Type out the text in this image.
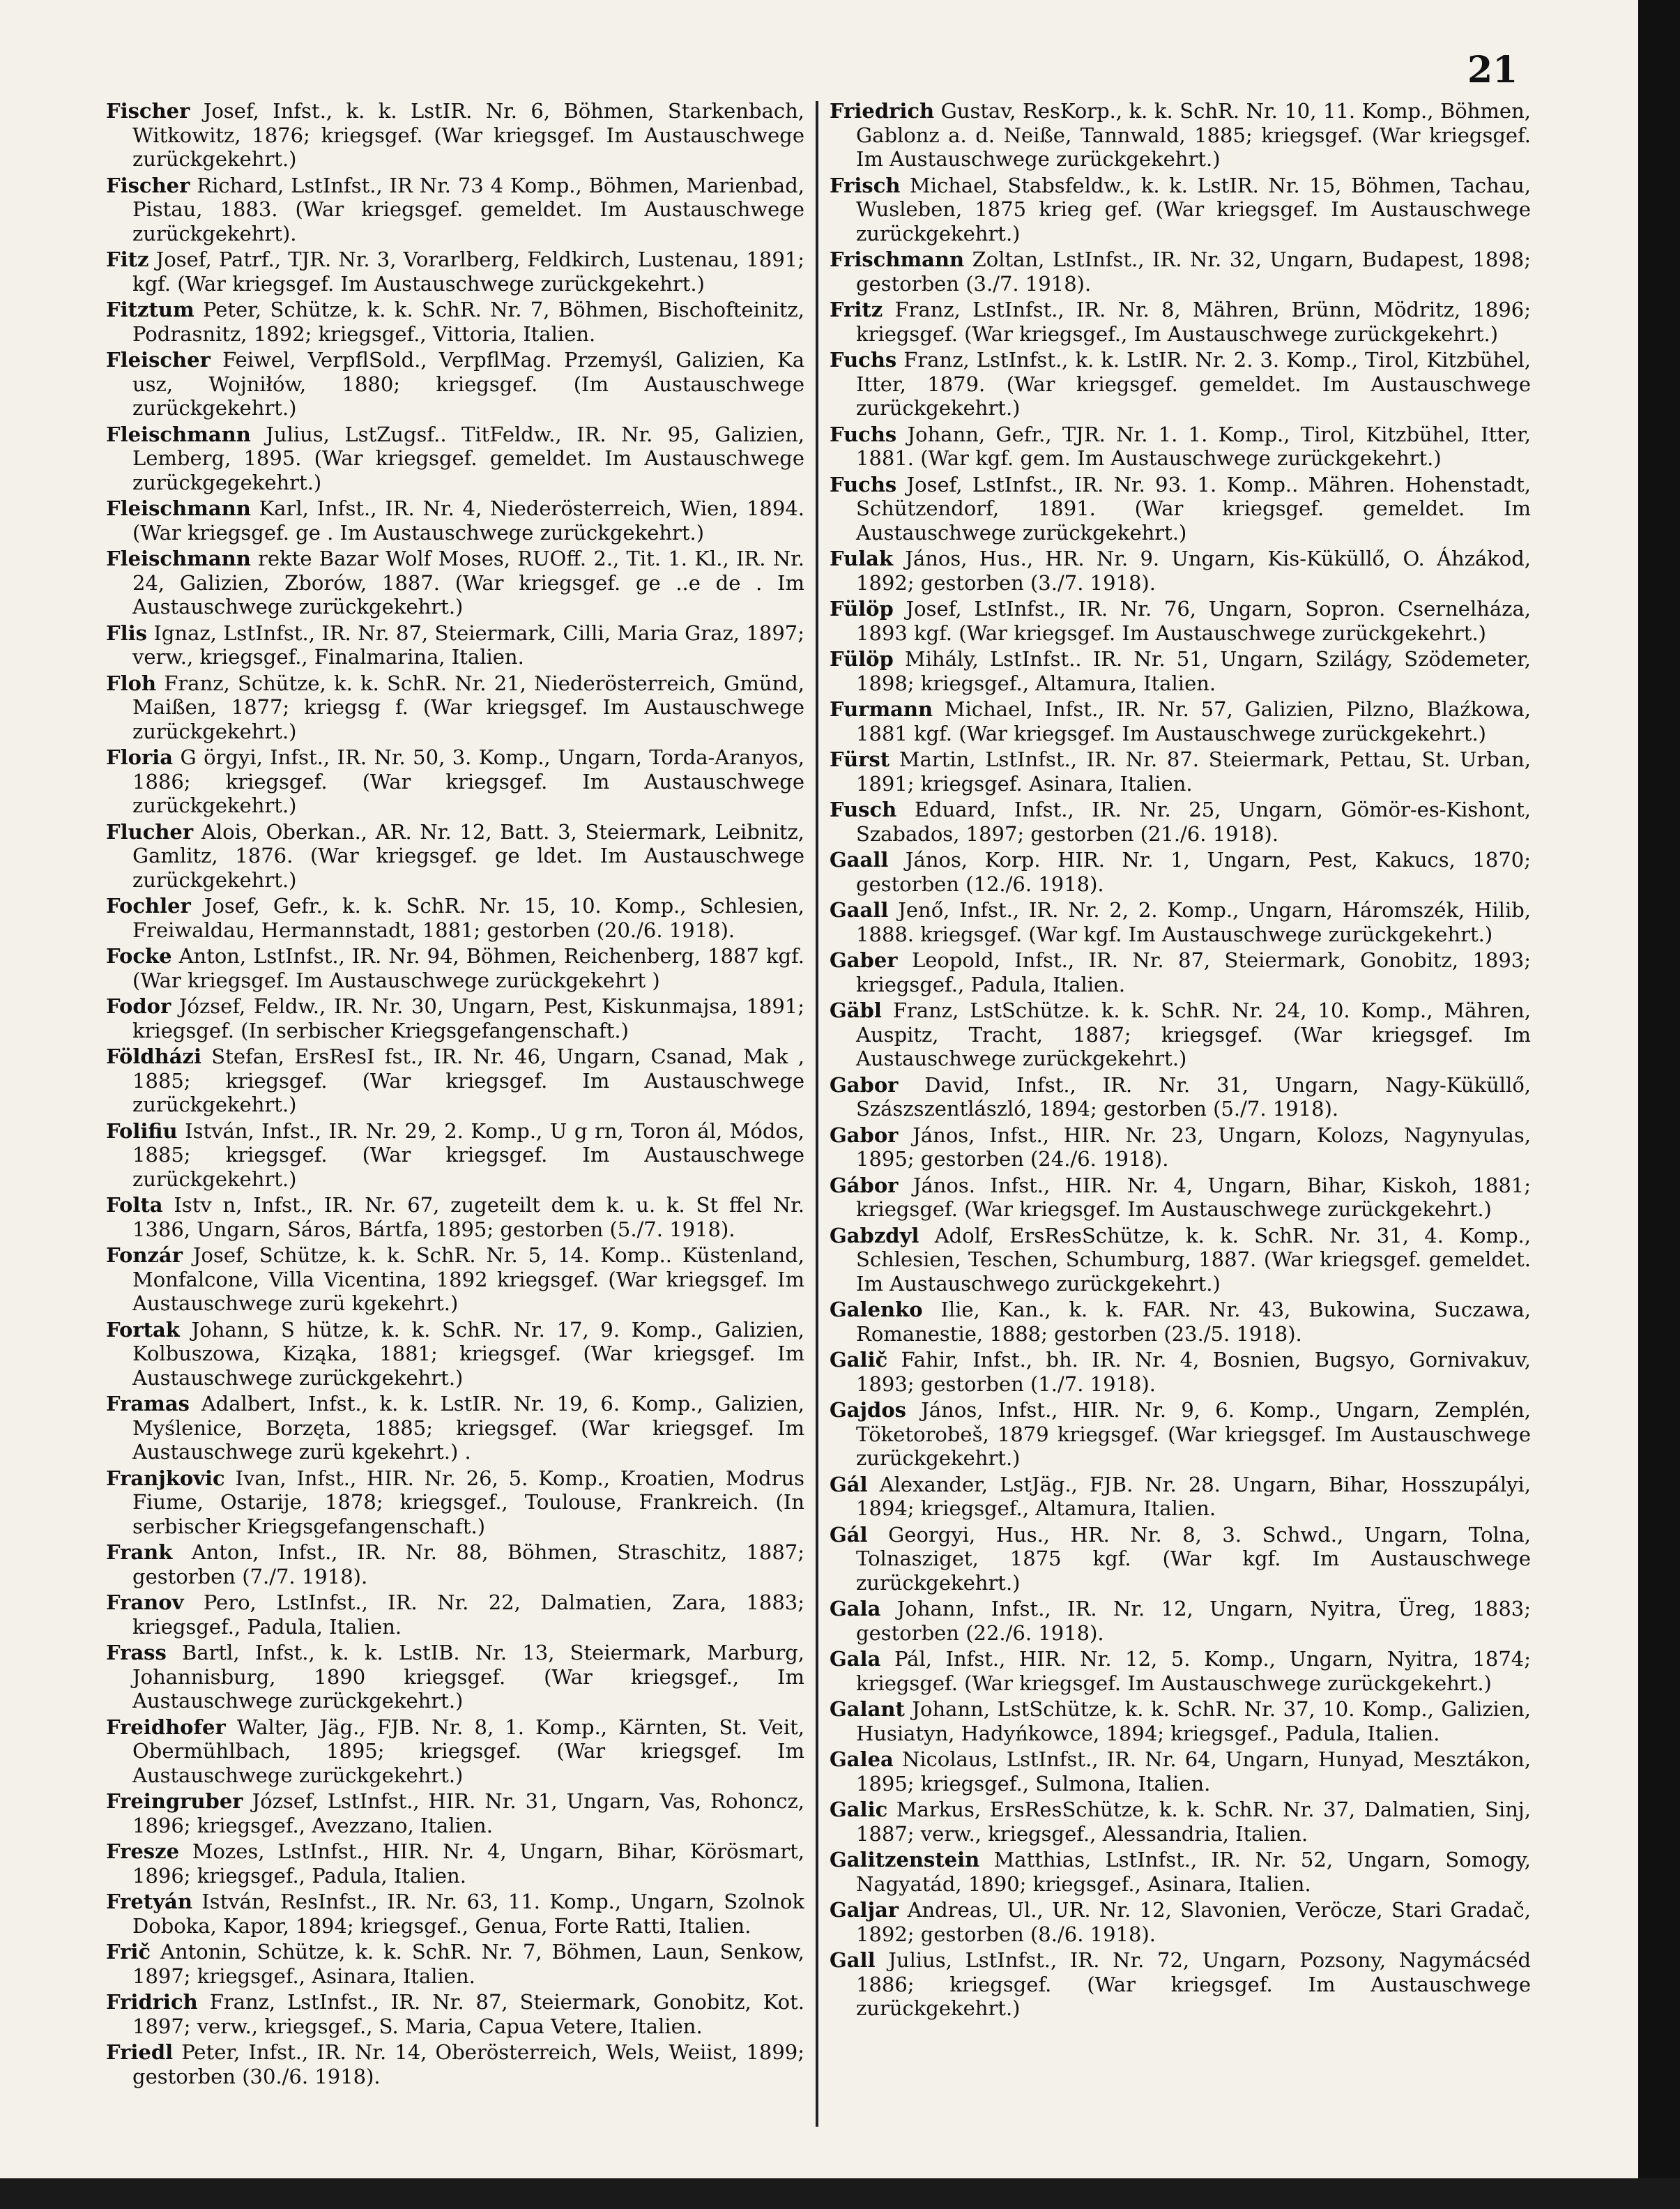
21

Fischer Josef, Infst., k. k. LstIR. Nr. 6, Böhmen, Starkenbach, Witkowitz, 1876; kriegsgef. (War kriegsgef. Im Austauschwege zurückgekehrt.)

Fischer Richard, LstInfst., IR Nr. 73 4 Komp., Böhmen, Marienbad, Pistau, 1883. (War kriegsgef. gemeldet. Im Austauschwege zurückgekehrt).

Fitz Josef, Patrf., TJR. Nr. 3, Vorarlberg, Feldkirch, Lustenau, 1891; kgf. (War kriegsgef. Im Austauschwege zurückgekehrt.)

Fitztum Peter, Schütze, k. k. SchR. Nr. 7, Böhmen, Bischofteinitz, Podrasnitz, 1892; kriegsgef., Vittoria, Italien.

Fleischer Feiwel, VerpflSold., VerpflMag. Przemyśl, Galizien, Ka usz, Wojniłów, 1880; kriegsgef. (Im Austauschwege zurückgekehrt.)

Fleischmann Julius, LstZugsf.. TitFeldw., IR. Nr. 95, Galizien, Lemberg, 1895. (War kriegsgef. gemeldet. Im Austauschwege zurückgegekehrt.)

Fleischmann Karl, Infst., IR. Nr. 4, Niederösterreich, Wien, 1894. (War kriegsgef. ge . Im Austauschwege zurückgekehrt.)

Fleischmann rekte Bazar Wolf Moses, RUOff. 2., Tit. 1. Kl., IR. Nr. 24, Galizien, Zborów, 1887. (War kriegsgef. ge ..e de . Im Austauschwege zurückgekehrt.)

Flis Ignaz, LstInfst., IR. Nr. 87, Steiermark, Cilli, Maria Graz, 1897; verw., kriegsgef., Finalmarina, Italien.

Floh Franz, Schütze, k. k. SchR. Nr. 21, Niederösterreich, Gmünd, Maißen, 1877; kriegsg f. (War kriegsgef. Im Austauschwege zurückgekehrt.)

Floria G örgyi, Infst., IR. Nr. 50, 3. Komp., Ungarn, Torda-Aranyos, 1886; kriegsgef. (War kriegsgef. Im Austauschwege zurückgekehrt.)

Flucher Alois, Oberkan., AR. Nr. 12, Batt. 3, Steiermark, Leibnitz, Gamlitz, 1876. (War kriegsgef. ge ldet. Im Austauschwege zurückgekehrt.)

Fochler Josef, Gefr., k. k. SchR. Nr. 15, 10. Komp., Schlesien, Freiwaldau, Hermannstadt, 1881; gestorben (20./6. 1918).

Focke Anton, LstInfst., IR. Nr. 94, Böhmen, Reichenberg, 1887 kgf. (War kriegsgef. Im Austauschwege zurückgekehrt )

Fodor József, Feldw., IR. Nr. 30, Ungarn, Pest, Kiskunmajsa, 1891; kriegsgef. (In serbischer Kriegsgefangenschaft.)

Földházi Stefan, ErsResI fst., IR. Nr. 46, Ungarn, Csanad, Mak , 1885; kriegsgef. (War kriegsgef. Im Austauschwege zurückgekehrt.)

Folifiu István, Infst., IR. Nr. 29, 2. Komp., U g rn, Toron ál, Módos, 1885; kriegsgef. (War kriegsgef. Im Austauschwege zurückgekehrt.)

Folta Istv n, Infst., IR. Nr. 67, zugeteilt dem k. u. k. St ffel Nr. 1386, Ungarn, Sáros, Bártfa, 1895; gestorben (5./7. 1918).

Fonzár Josef, Schütze, k. k. SchR. Nr. 5, 14. Komp.. Küstenland, Monfalcone, Villa Vicentina, 1892 kriegsgef. (War kriegsgef. Im Austauschwege zurü kgekehrt.)

Fortak Johann, S hütze, k. k. SchR. Nr. 17, 9. Komp., Galizien, Kolbuszowa, Kiząka, 1881; kriegsgef. (War kriegsgef. Im Austauschwege zurückgekehrt.)

Framas Adalbert, Infst., k. k. LstIR. Nr. 19, 6. Komp., Galizien, Myślenice, Borzęta, 1885; kriegsgef. (War kriegsgef. Im Austauschwege zurü kgekehrt.) .

Franjkovic Ivan, Infst., HIR. Nr. 26, 5. Komp., Kroatien, Modrus Fiume, Ostarije, 1878; kriegsgef., Toulouse, Frankreich. (In serbischer Kriegsgefangenschaft.)

Frank Anton, Infst., IR. Nr. 88, Böhmen, Straschitz, 1887; gestorben (7./7. 1918).

Franov Pero, LstInfst., IR. Nr. 22, Dalmatien, Zara, 1883; kriegsgef., Padula, Italien.

Frass Bartl, Infst., k. k. LstIB. Nr. 13, Steiermark, Marburg, Johannisburg, 1890 kriegsgef. (War kriegsgef., Im Austauschwege zurückgekehrt.)

Freidhofer Walter, Jäg., FJB. Nr. 8, 1. Komp., Kärnten, St. Veit, Obermühlbach, 1895; kriegsgef. (War kriegsgef. Im Austauschwege zurückgekehrt.)

Freingruber József, LstInfst., HIR. Nr. 31, Ungarn, Vas, Rohoncz, 1896; kriegsgef., Avezzano, Italien.

Fresze Mozes, LstInfst., HIR. Nr. 4, Ungarn, Bihar, Körösmart, 1896; kriegsgef., Padula, Italien.

Fretyán István, ResInfst., IR. Nr. 63, 11. Komp., Ungarn, Szolnok Doboka, Kapor, 1894; kriegsgef., Genua, Forte Ratti, Italien.

Frič Antonin, Schütze, k. k. SchR. Nr. 7, Böhmen, Laun, Senkow, 1897; kriegsgef., Asinara, Italien.

Fridrich Franz, LstInfst., IR. Nr. 87, Steiermark, Gonobitz, Kot. 1897; verw., kriegsgef., S. Maria, Capua Vetere, Italien.

Friedl Peter, Infst., IR. Nr. 14, Oberösterreich, Wels, Weiist, 1899; gestorben (30./6. 1918).

Friedrich Gustav, ResKorp., k. k. SchR. Nr. 10, 11. Komp., Böhmen, Gablonz a. d. Neiße, Tannwald, 1885; kriegsgef. (War kriegsgef. Im Austauschwege zurückgekehrt.)

Frisch Michael, Stabsfeldw., k. k. LstIR. Nr. 15, Böhmen, Tachau, Wusleben, 1875 krieg gef. (War kriegsgef. Im Austauschwege zurückgekehrt.)

Frischmann Zoltan, LstInfst., IR. Nr. 32, Ungarn, Budapest, 1898; gestorben (3./7. 1918).

Fritz Franz, LstInfst., IR. Nr. 8, Mähren, Brünn, Mödritz, 1896; kriegsgef. (War kriegsgef., Im Austauschwege zurückgekehrt.)

Fuchs Franz, LstInfst., k. k. LstIR. Nr. 2. 3. Komp., Tirol, Kitzbühel, Itter, 1879. (War kriegsgef. gemeldet. Im Austauschwege zurückgekehrt.)

Fuchs Johann, Gefr., TJR. Nr. 1. 1. Komp., Tirol, Kitzbühel, Itter, 1881. (War kgf. gem. Im Austauschwege zurückgekehrt.)

Fuchs Josef, LstInfst., IR. Nr. 93. 1. Komp.. Mähren. Hohenstadt, Schützendorf, 1891. (War kriegsgef. gemeldet. Im Austauschwege zurückgekehrt.)

Fulak János, Hus., HR. Nr. 9. Ungarn, Kis-Küküllő, O. Áhzákod, 1892; gestorben (3./7. 1918).

Fülöp Josef, LstInfst., IR. Nr. 76, Ungarn, Sopron. Csernelháza, 1893 kgf. (War kriegsgef. Im Austauschwege zurückgekehrt.)

Fülöp Mihály, LstInfst.. IR. Nr. 51, Ungarn, Szilágy, Szödemeter, 1898; kriegsgef., Altamura, Italien.

Furmann Michael, Infst., IR. Nr. 57, Galizien, Pilzno, Blaźkowa, 1881 kgf. (War kriegsgef. Im Austauschwege zurückgekehrt.)

Fürst Martin, LstInfst., IR. Nr. 87. Steiermark, Pettau, St. Urban, 1891; kriegsgef. Asinara, Italien.

Fusch Eduard, Infst., IR. Nr. 25, Ungarn, Gömör-es-Kishont, Szabados, 1897; gestorben (21./6. 1918).

Gaall János, Korp. HIR. Nr. 1, Ungarn, Pest, Kakucs, 1870; gestorben (12./6. 1918).

Gaall Jenő, Infst., IR. Nr. 2, 2. Komp., Ungarn, Háromszék, Hilib, 1888. kriegsgef. (War kgf. Im Austauschwege zurückgekehrt.)

Gaber Leopold, Infst., IR. Nr. 87, Steiermark, Gonobitz, 1893; kriegsgef., Padula, Italien.

Gäbl Franz, LstSchütze. k. k. SchR. Nr. 24, 10. Komp., Mähren, Auspitz, Tracht, 1887; kriegsgef. (War kriegsgef. Im Austauschwege zurückgekehrt.)

Gabor David, Infst., IR. Nr. 31, Ungarn, Nagy-Küküllő, Szászszentlászló, 1894; gestorben (5./7. 1918).

Gabor János, Infst., HIR. Nr. 23, Ungarn, Kolozs, Nagynyulas, 1895; gestorben (24./6. 1918).

Gábor János. Infst., HIR. Nr. 4, Ungarn, Bihar, Kiskoh, 1881; kriegsgef. (War kriegsgef. Im Austauschwege zurückgekehrt.)

Gabzdyl Adolf, ErsResSchütze, k. k. SchR. Nr. 31, 4. Komp., Schlesien, Teschen, Schumburg, 1887. (War kriegsgef. gemeldet. Im Austauschwego zurückgekehrt.)

Galenko Ilie, Kan., k. k. FAR. Nr. 43, Bukowina, Suczawa, Romanestie, 1888; gestorben (23./5. 1918).

Galič Fahir, Infst., bh. IR. Nr. 4, Bosnien, Bugsyo, Gornivakuv, 1893; gestorben (1./7. 1918).

Gajdos János, Infst., HIR. Nr. 9, 6. Komp., Ungarn, Zemplén, Töketorobeš, 1879 kriegsgef. (War kriegsgef. Im Austauschwege zurückgekehrt.)

Gál Alexander, LstJäg., FJB. Nr. 28. Ungarn, Bihar, Hosszupályi, 1894; kriegsgef., Altamura, Italien.

Gál Georgyi, Hus., HR. Nr. 8, 3. Schwd., Ungarn, Tolna, Tolnasziget, 1875 kgf. (War kgf. Im Austauschwege zurückgekehrt.)

Gala Johann, Infst., IR. Nr. 12, Ungarn, Nyitra, Üreg, 1883; gestorben (22./6. 1918).

Gala Pál, Infst., HIR. Nr. 12, 5. Komp., Ungarn, Nyitra, 1874; kriegsgef. (War kriegsgef. Im Austauschwege zurückgekehrt.)

Galant Johann, LstSchütze, k. k. SchR. Nr. 37, 10. Komp., Galizien, Husiatyn, Hadyńkowce, 1894; kriegsgef., Padula, Italien.

Galea Nicolaus, LstInfst., IR. Nr. 64, Ungarn, Hunyad, Mesztákon, 1895; kriegsgef., Sulmona, Italien.

Galic Markus, ErsResSchütze, k. k. SchR. Nr. 37, Dalmatien, Sinj, 1887; verw., kriegsgef., Alessandria, Italien.

Galitzenstein Matthias, LstInfst., IR. Nr. 52, Ungarn, Somogy, Nagyatád, 1890; kriegsgef., Asinara, Italien.

Galjar Andreas, Ul., UR. Nr. 12, Slavonien, Veröcze, Stari Gradač, 1892; gestorben (8./6. 1918).

Gall Julius, LstInfst., IR. Nr. 72, Ungarn, Pozsony, Nagymácséd 1886; kriegsgef. (War kriegsgef. Im Austauschwege zurückgekehrt.)
